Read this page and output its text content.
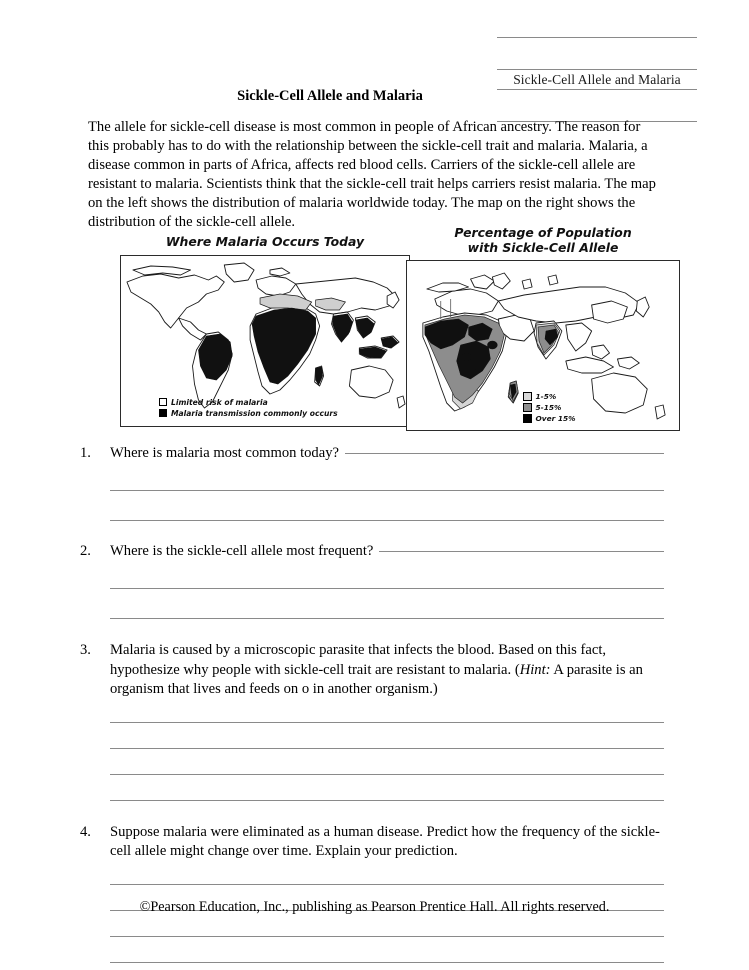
Sickle-Cell Allele and Malaria
Sickle-Cell Allele and Malaria
The allele for sickle-cell disease is most common in people of African ancestry. The reason for this probably has to do with the relationship between the sickle-cell trait and malaria. Malaria, a disease common in parts of Africa, affects red blood cells. Carriers of the sickle-cell allele are resistant to malaria. Scientists think that the sickle-cell trait helps carriers resist malaria. The map on the left shows the distribution of malaria worldwide today. The map on the right shows the distribution of the sickle-cell allele.
Where Malaria Occurs Today
Limited risk of malaria
Malaria transmission commonly occurs
Percentage of Population
with Sickle-Cell Allele
1-5%
5-15%
Over 15%
1.	Where is malaria most common today?
2.	Where is the sickle-cell allele most frequent?
3.	Malaria is caused by a microscopic parasite that infects the blood. Based on this fact, hypothesize why people with sickle-cell trait are resistant to malaria. (Hint: A parasite is an organism that lives and feeds on o in another organism.)
4.	Suppose malaria were eliminated as a human disease. Predict how the frequency of the sickle-cell allele might change over time. Explain your prediction.
©Pearson Education, Inc., publishing as Pearson Prentice Hall. All rights reserved.
